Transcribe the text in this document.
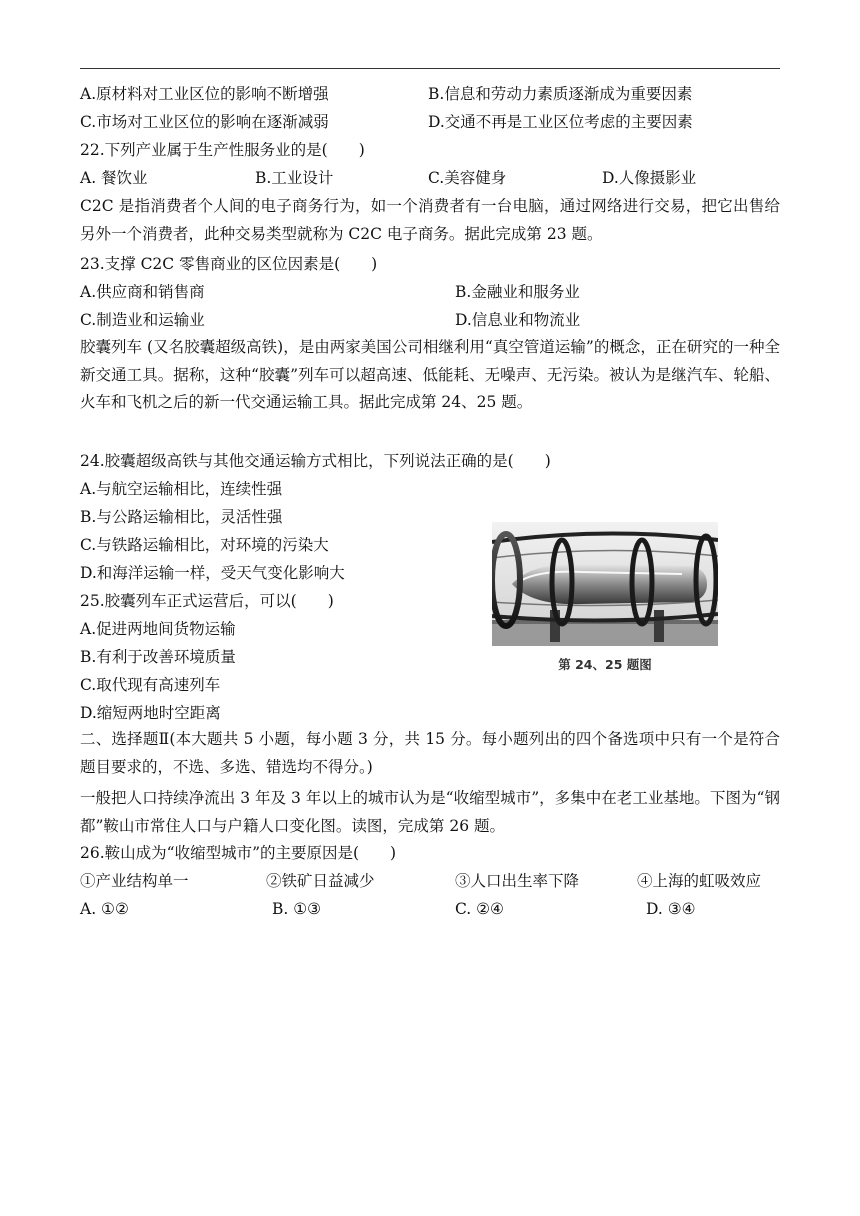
A.原材料对工业区位的影响不断增强	B.信息和劳动力素质逐渐成为重要因素
C.市场对工业区位的影响在逐渐减弱	D.交通不再是工业区位考虑的主要因素
22.下列产业属于生产性服务业的是(　　)
A. 餐饮业	B.工业设计	C.美容健身	D.人像摄影业
C2C 是指消费者个人间的电子商务行为，如一个消费者有一台电脑，通过网络进行交易，把它出售给另外一个消费者，此种交易类型就称为 C2C 电子商务。据此完成第 23 题。
23.支撑 C2C 零售商业的区位因素是(　　)
A.供应商和销售商	B.金融业和服务业
C.制造业和运输业	D.信息业和物流业
胶囊列车 (又名胶囊超级高铁)，是由两家美国公司相继利用“真空管道运输”的概念，正在研究的一种全新交通工具。据称，这种“胶囊”列车可以超高速、低能耗、无噪声、无污染。被认为是继汽车、轮船、火车和飞机之后的新一代交通运输工具。据此完成第 24、25 题。
24.胶囊超级高铁与其他交通运输方式相比，下列说法正确的是(　　)
A.与航空运输相比，连续性强
B.与公路运输相比，灵活性强
C.与铁路运输相比，对环境的污染大
D.和海洋运输一样，受天气变化影响大
25.胶囊列车正式运营后，可以(　　)
A.促进两地间货物运输
B.有利于改善环境质量
C.取代现有高速列车
D.缩短两地时空距离
第 24、25 题图
二、选择题Ⅱ(本大题共 5 小题，每小题 3 分，共 15 分。每小题列出的四个备选项中只有一个是符合题目要求的，不选、多选、错选均不得分。)
一般把人口持续净流出 3 年及 3 年以上的城市认为是“收缩型城市”，多集中在老工业基地。下图为“钢都”鞍山市常住人口与户籍人口变化图。读图，完成第 26 题。
26.鞍山成为“收缩型城市”的主要原因是(　　)
①产业结构单一	②铁矿日益减少	③人口出生率下降	④上海的虹吸效应
A. ①②	B. ①③	C. ②④	D. ③④
